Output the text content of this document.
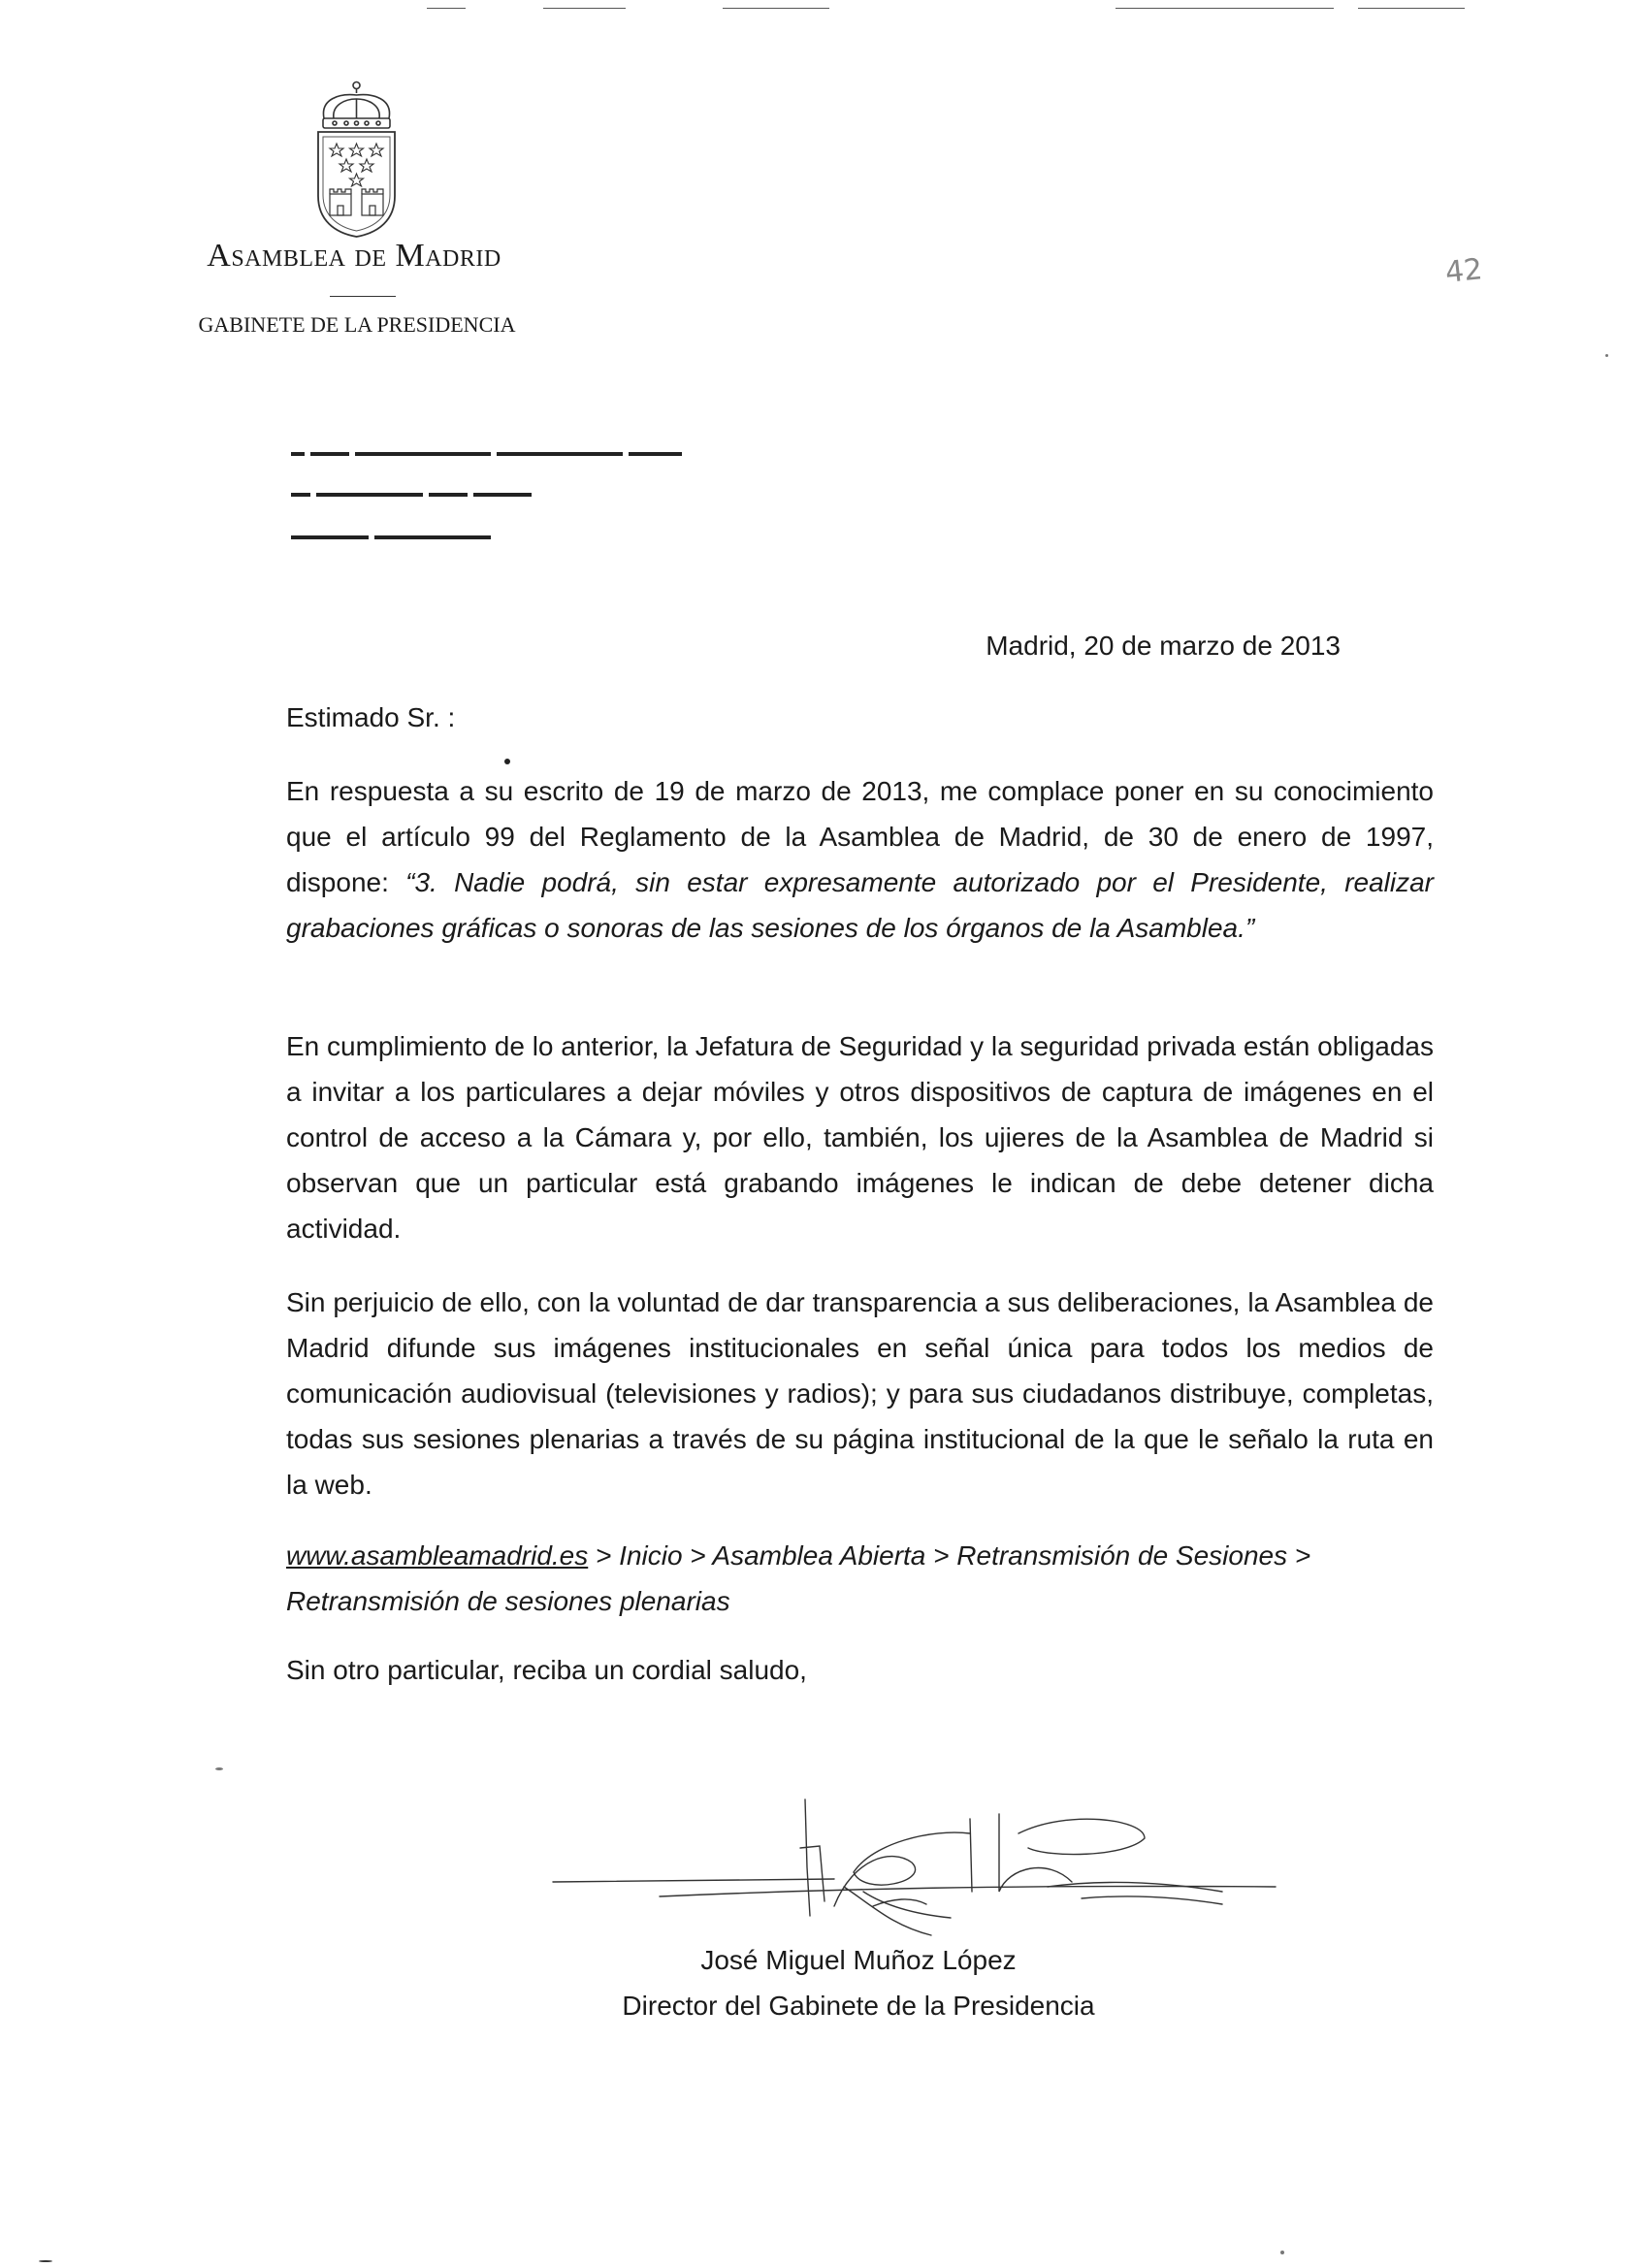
Asamblea de Madrid
GABINETE DE LA PRESIDENCIA
42
Madrid, 20 de marzo de 2013
Estimado Sr. :

En respuesta a su escrito de 19 de marzo de 2013, me complace poner en su conocimiento que el artículo 99 del Reglamento de la Asamblea de Madrid, de 30 de enero de 1997, dispone: “3. Nadie podrá, sin estar expresamente autorizado por el Presidente, realizar grabaciones gráficas o sonoras de las sesiones de los órganos de la Asamblea.”

En cumplimiento de lo anterior, la Jefatura de Seguridad y la seguridad privada están obligadas a invitar a los particulares a dejar móviles y otros dispositivos de captura de imágenes en el control de acceso a la Cámara y, por ello, también, los ujieres de la Asamblea de Madrid si observan que un particular está grabando imágenes le indican de debe detener dicha actividad.

Sin perjuicio de ello, con la voluntad de dar transparencia a sus deliberaciones, la Asamblea de Madrid difunde sus imágenes institucionales en señal única para todos los medios de comunicación audiovisual (televisiones y radios); y para sus ciudadanos distribuye, completas, todas sus sesiones plenarias a través de su página institucional de la que le señalo la ruta en la web.

www.asambleamadrid.es > Inicio > Asamblea Abierta > Retransmisión de Sesiones >
Retransmisión de sesiones plenarias
Sin otro particular, reciba un cordial saludo,
José Miguel Muñoz López
Director del Gabinete de la Presidencia
